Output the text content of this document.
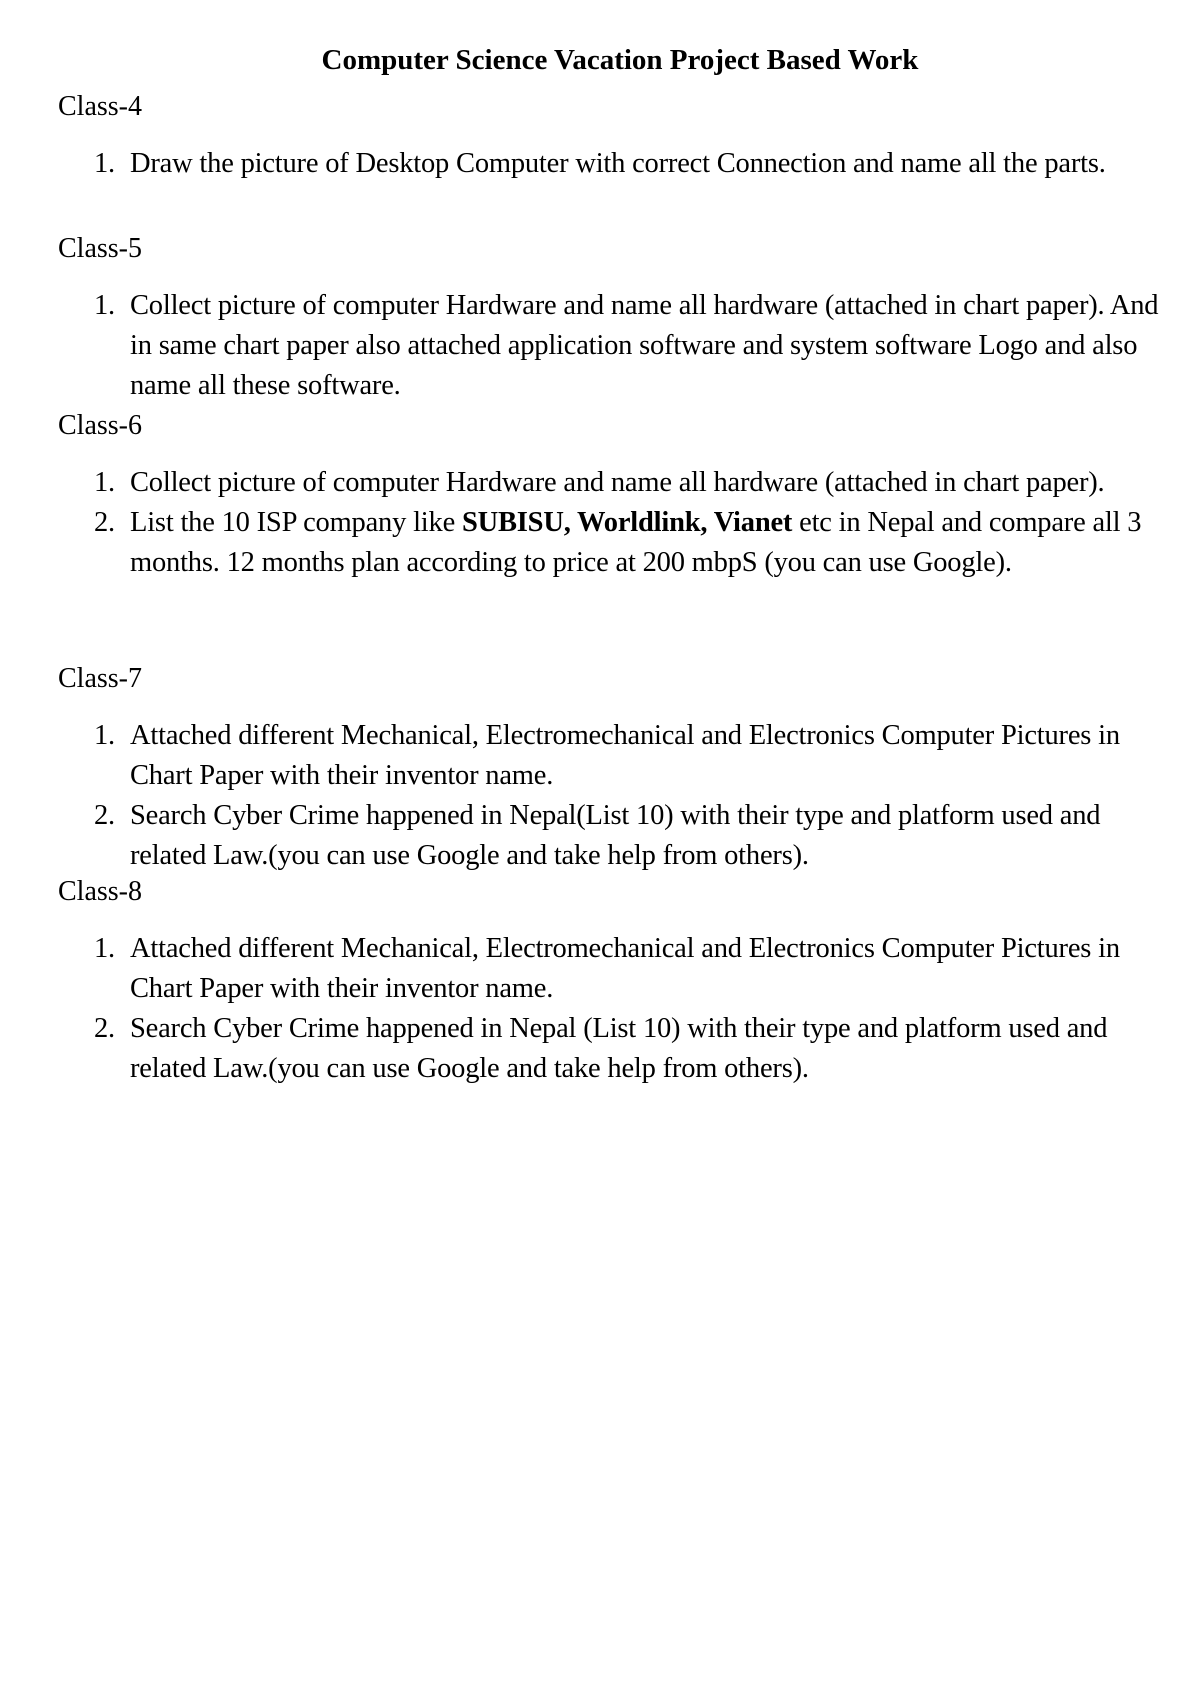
Computer Science Vacation Project Based Work
Class-4
1. Draw the picture of Desktop Computer with correct Connection and name all the parts.
Class-5
1. Collect picture of computer Hardware and name all hardware (attached in chart paper). And in same chart paper also attached application software and system software Logo and also name all these software.
Class-6
1. Collect picture of computer Hardware and name all hardware (attached in chart paper).
2. List the 10 ISP company like SUBISU, Worldlink, Vianet etc in Nepal and compare all 3 months. 12 months plan according to price at 200 mbpS (you can use Google).
Class-7
1. Attached different Mechanical, Electromechanical and Electronics Computer Pictures in Chart Paper with their inventor name.
2. Search Cyber Crime happened in Nepal(List 10) with their type and platform used and related Law.(you can use Google and take help from others).
Class-8
1. Attached different Mechanical, Electromechanical and Electronics Computer Pictures in Chart Paper with their inventor name.
2. Search Cyber Crime happened in Nepal (List 10) with their type and platform used and related Law.(you can use Google and take help from others).
